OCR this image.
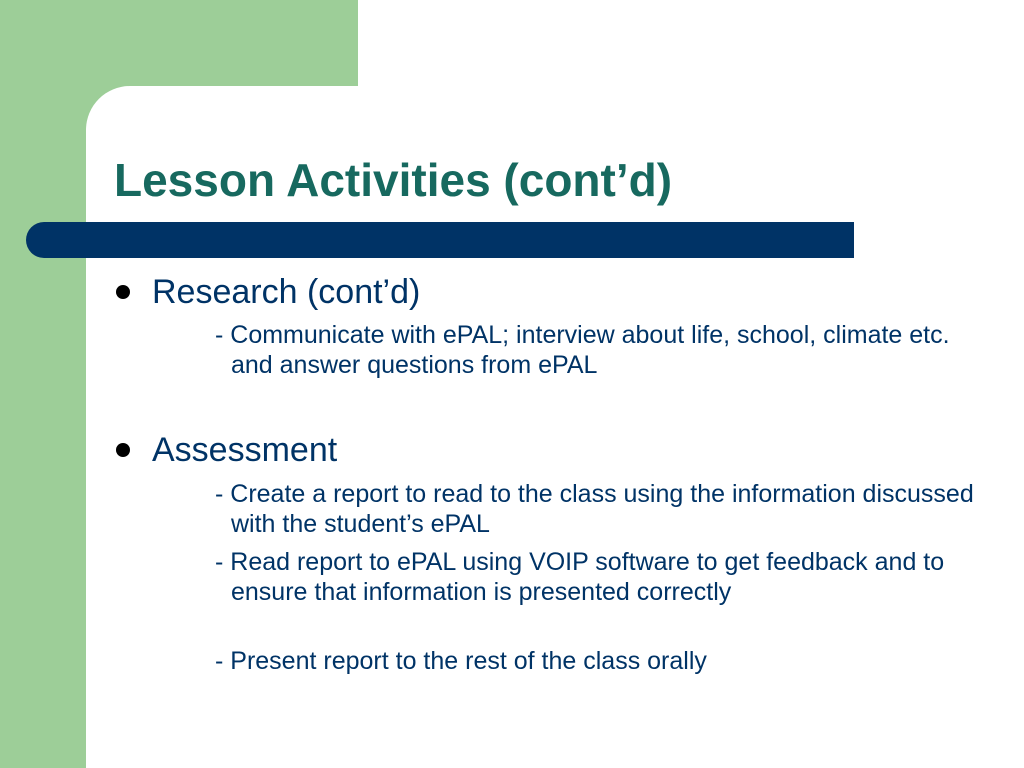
Lesson Activities (cont’d)
Research (cont’d)
- Communicate with ePAL; interview about life, school, climate etc. and answer questions from ePAL
Assessment
- Create a report to read to the class using the information discussed with the student’s ePAL
- Read report to ePAL using VOIP software to get feedback and to ensure that information is presented correctly
- Present report to the rest of the class orally
